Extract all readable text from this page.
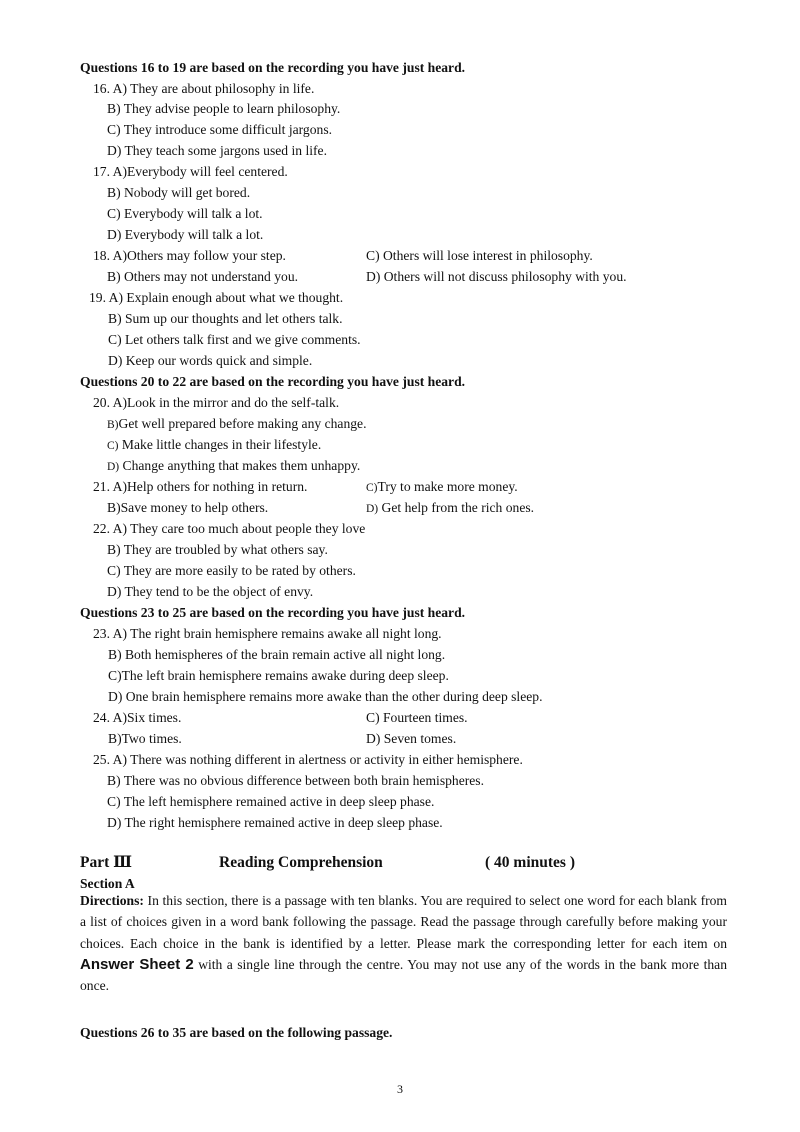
Questions 16 to 19 are based on the recording you have just heard.
16. A) They are about philosophy in life.
B) They advise people to learn philosophy.
C) They introduce some difficult jargons.
D) They teach some jargons used in life.
17. A)Everybody will feel centered.
B) Nobody will get bored.
C) Everybody will talk a lot.
D) Everybody will talk a lot.
18. A)Others may follow your step.	C) Others will lose interest in philosophy.
B) Others may not understand you.	D) Others will not discuss philosophy with you.
19. A) Explain enough about what we thought.
B) Sum up our thoughts and let others talk.
C) Let others talk first and we give comments.
D) Keep our words quick and simple.
Questions 20 to 22 are based on the recording you have just heard.
20. A)Look in the mirror and do the self-talk.
B)Get well prepared before making any change.
C) Make little changes in their lifestyle.
D) Change anything that makes them unhappy.
21. A)Help others for nothing in return.	C)Try to make more money.
B)Save money to help others.	D) Get help from the rich ones.
22. A) They care too much about people they love
B) They are troubled by what others say.
C) They are more easily to be rated by others.
D) They tend to be the object of envy.
Questions 23 to 25 are based on the recording you have just heard.
23. A) The right brain hemisphere remains awake all night long.
B) Both hemispheres of the brain remain active all night long.
C)The left brain hemisphere remains awake during deep sleep.
D) One brain hemisphere remains more awake than the other during deep sleep.
24. A)Six times.	C) Fourteen times.
B)Two times.	D) Seven tomes.
25. A) There was nothing different in alertness or activity in either hemisphere.
B) There was no obvious difference between both brain hemispheres.
C) The left hemisphere remained active in deep sleep phase.
D) The right hemisphere remained active in deep sleep phase.
Part Ⅲ	Reading Comprehension	( 40 minutes )
Section A
Directions: In this section, there is a passage with ten blanks. You are required to select one word for each blank from a list of choices given in a word bank following the passage. Read the passage through carefully before making your choices. Each choice in the bank is identified by a letter. Please mark the corresponding letter for each item on Answer Sheet 2 with a single line through the centre. You may not use any of the words in the bank more than once.
Questions 26 to 35 are based on the following passage.
3
